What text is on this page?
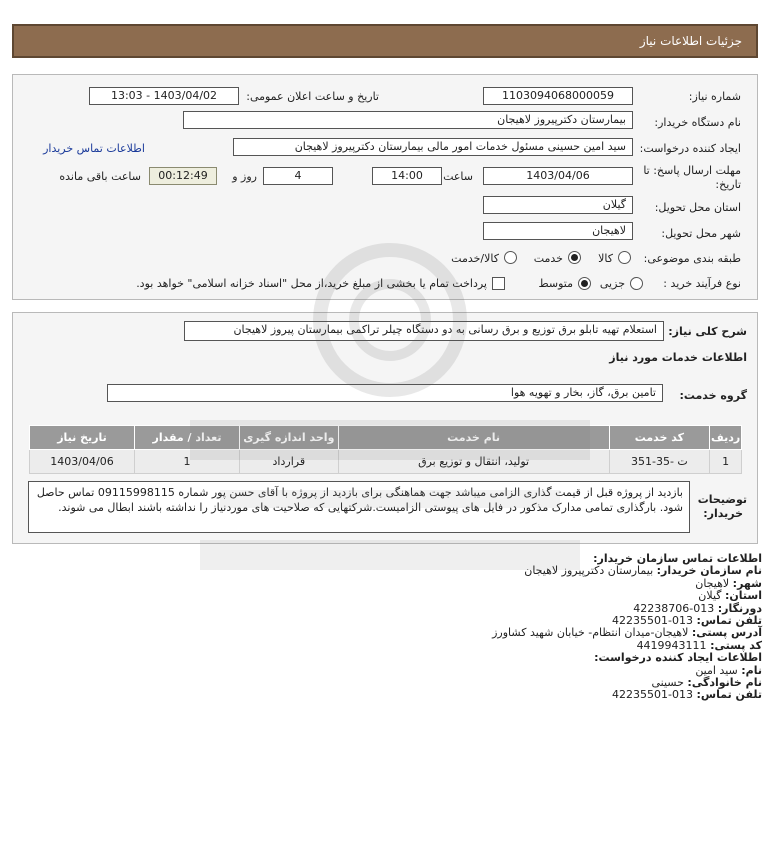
جزئیات اطلاعات نیاز
شماره نیاز:
1103094068000059
تاریخ و ساعت اعلان عمومی:
1403/04/02 - 13:03
نام دستگاه خریدار:
بیمارستان دکترپیروز لاهیجان
ایجاد کننده درخواست:
سید امین حسینی مسئول خدمات امور مالی بیمارستان دکترپیروز لاهیجان
اطلاعات تماس خریدار
مهلت ارسال پاسخ: تا
تاریخ:
1403/04/06
ساعت
14:00
4
روز و
00:12:49
ساعت باقی مانده
استان محل تحویل:
گیلان
شهر محل تحویل:
لاهیجان
طبقه بندی موضوعی:
کالا
خدمت
کالا/خدمت
نوع فرآیند خرید :
جزیی
متوسط
پرداخت تمام یا بخشی از مبلغ خرید،از محل "اسناد خزانه اسلامی" خواهد بود.
شرح کلی نیاز:
استعلام تهیه تابلو برق توزیع و برق رسانی به دو دستگاه چیلر تراکمی بیمارستان پیروز لاهیجان
اطلاعات خدمات مورد نیاز
گروه خدمت:
تامین برق، گاز، بخار و تهویه هوا
ردیف	کد خدمت	نام خدمت	واحد اندازه گیری	تعداد / مقدار	تاریخ نیاز
1	ت -35-351	تولید، انتقال و توزیع برق	قرارداد	1	1403/04/06
توضیحات
خریدار:
بازدید از پروژه قبل از قیمت گذاری الزامی میباشد جهت هماهنگی برای بازدید از پروژه با آقای حسن پور شماره 09115998115 تماس حاصل شود. بارگذاری تمامی مدارک مذکور در فایل های پیوستی الزامیست.شرکتهایی که صلاحیت های موردنیاز را نداشته باشند ابطال می شوند.
اطلاعات تماس سازمان خریدار:
نام سازمان خریدار: بیمارستان دکترپیروز لاهیجان
شهر: لاهیجان
استان: گیلان
دورنگار: 013-42238706
تلفن تماس: 013-42235501
آدرس پستی: لاهیجان-میدان انتظام- خیابان شهید کشاورز
کد پستی: 4419943111
اطلاعات ایجاد کننده درخواست:
نام: سید امین
نام خانوادگی: حسینی
تلفن تماس: 013-42235501
